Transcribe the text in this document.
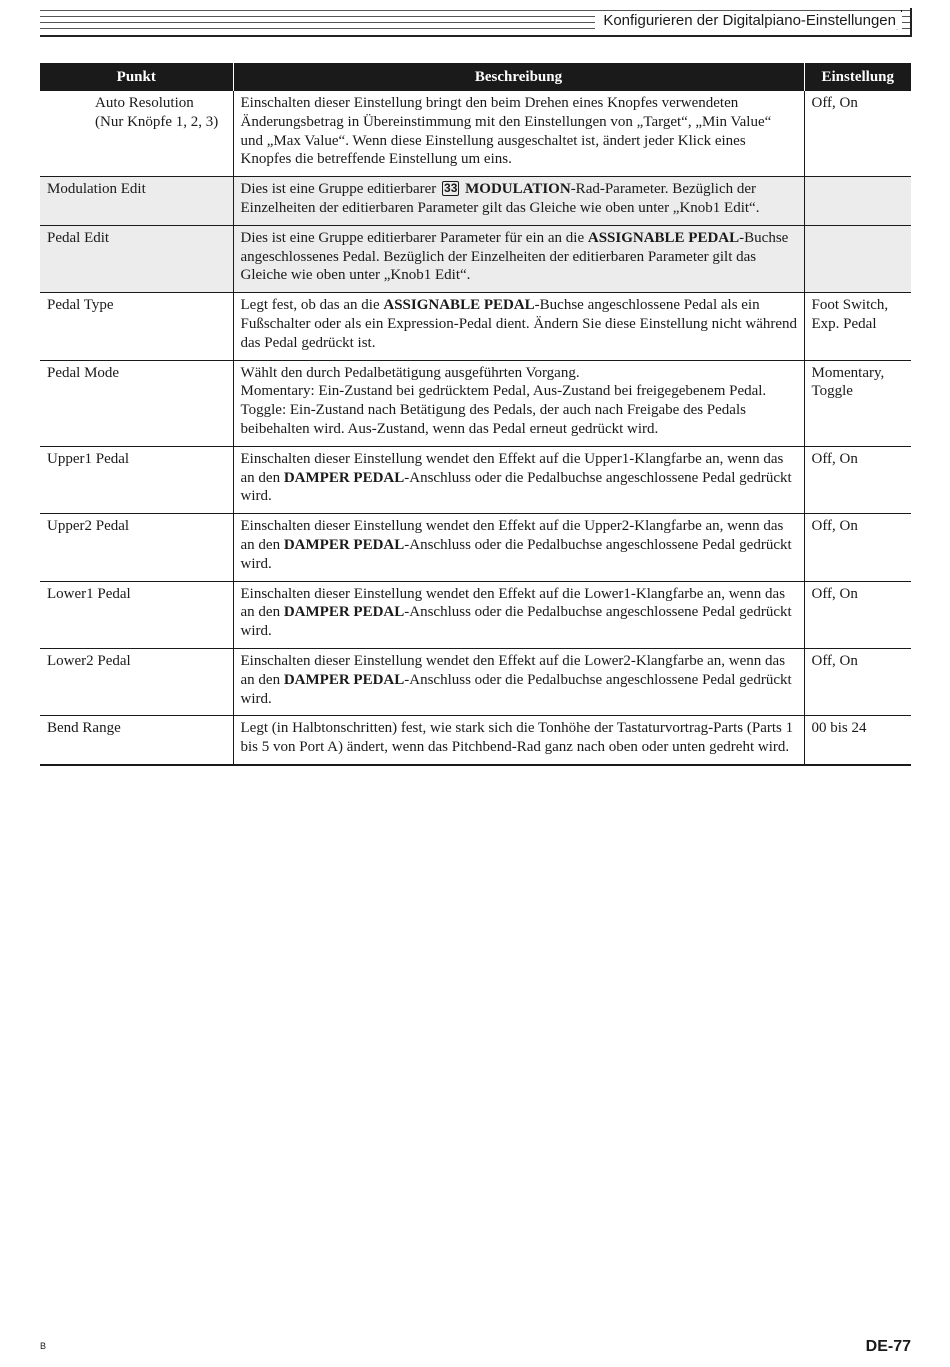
Konfigurieren der Digitalpiano-Einstellungen
Punkt	Beschreibung	Einstellung

Auto Resolution
(Nur Knöpfe 1, 2, 3)	Einschalten dieser Einstellung bringt den beim Drehen eines Knopfes verwendeten Änderungsbetrag in Übereinstimmung mit den Einstellungen von „Target“, „Min Value“ und „Max Value“. Wenn diese Einstellung ausgeschaltet ist, ändert jeder Klick eines Knopfes die betreffende Einstellung um eins.	Off, On
Modulation Edit	Dies ist eine Gruppe editierbarer 33 MODULATION-Rad-Parameter. Bezüglich der Einzelheiten der editierbaren Parameter gilt das Gleiche wie oben unter „Knob1 Edit“.	
Pedal Edit	Dies ist eine Gruppe editierbarer Parameter für ein an die ASSIGNABLE PEDAL-Buchse angeschlossenes Pedal. Bezüglich der Einzelheiten der editierbaren Parameter gilt das Gleiche wie oben unter „Knob1 Edit“.	
Pedal Type	Legt fest, ob das an die ASSIGNABLE PEDAL-Buchse angeschlossene Pedal als ein Fußschalter oder als ein Expression-Pedal dient. Ändern Sie diese Einstellung nicht während das Pedal gedrückt ist.	Foot Switch,
Exp. Pedal

Pedal Mode	Wählt den durch Pedalbetätigung ausgeführten Vorgang.
Momentary: Ein-Zustand bei gedrücktem Pedal, Aus-Zustand bei freigegebenem Pedal.
Toggle: Ein-Zustand nach Betätigung des Pedals, der auch nach Freigabe des Pedals beibehalten wird. Aus-Zustand, wenn das Pedal erneut gedrückt wird.	Momentary,
Toggle

Upper1 Pedal	Einschalten dieser Einstellung wendet den Effekt auf die Upper1-Klangfarbe an, wenn das an den DAMPER PEDAL-Anschluss oder die Pedalbuchse angeschlossene Pedal gedrückt wird.	Off, On
Upper2 Pedal	Einschalten dieser Einstellung wendet den Effekt auf die Upper2-Klangfarbe an, wenn das an den DAMPER PEDAL-Anschluss oder die Pedalbuchse angeschlossene Pedal gedrückt wird.	Off, On
Lower1 Pedal	Einschalten dieser Einstellung wendet den Effekt auf die Lower1-Klangfarbe an, wenn das an den DAMPER PEDAL-Anschluss oder die Pedalbuchse angeschlossene Pedal gedrückt wird.	Off, On
Lower2 Pedal	Einschalten dieser Einstellung wendet den Effekt auf die Lower2-Klangfarbe an, wenn das an den DAMPER PEDAL-Anschluss oder die Pedalbuchse angeschlossene Pedal gedrückt wird.	Off, On
Bend Range	Legt (in Halbtonschritten) fest, wie stark sich die Tonhöhe der Tastaturvortrag-Parts (Parts 1 bis 5 von Port A) ändert, wenn das Pitchbend-Rad ganz nach oben oder unten gedreht wird.	00 bis 24
B	DE-77
